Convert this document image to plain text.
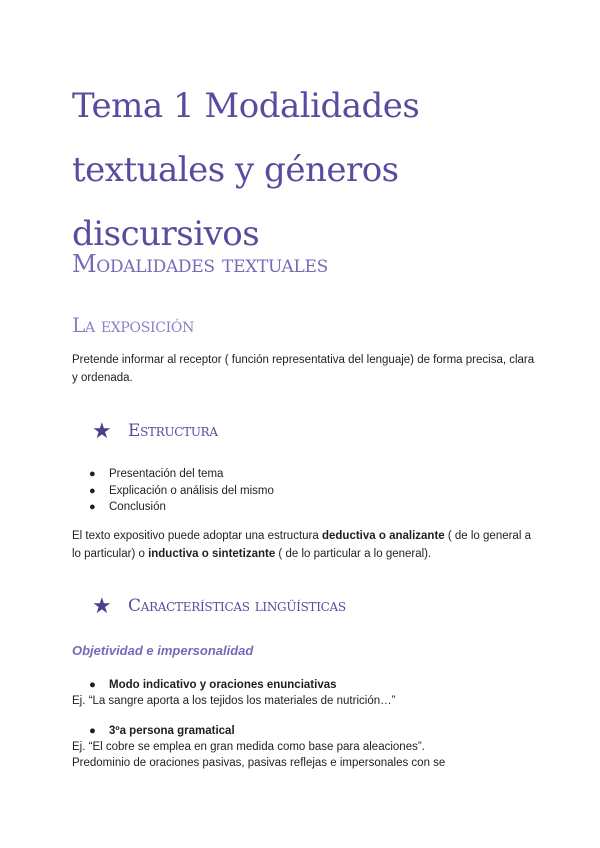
Tema 1 Modalidades textuales y géneros discursivos
Modalidades textuales
La exposición

Pretende informar al receptor ( función representativa del lenguaje) de forma precisa, clara y ordenada.

★ Estructura
● Presentación del tema
● Explicación o análisis del mismo
● Conclusión

El texto expositivo puede adoptar una estructura deductiva o analizante ( de lo general a lo particular) o inductiva o sintetizante ( de lo particular a lo general).

★ Características lingüísticas

Objetividad e impersonalidad

● Modo indicativo y oraciones enunciativas

Ej. “La sangre aporta a los tejidos los materiales de nutrición…”

● 3ºa persona gramatical

Ej. “El cobre se emplea en gran medida como base para aleaciones”.

Predominio de oraciones pasivas, pasivas reflejas e impersonales con se
